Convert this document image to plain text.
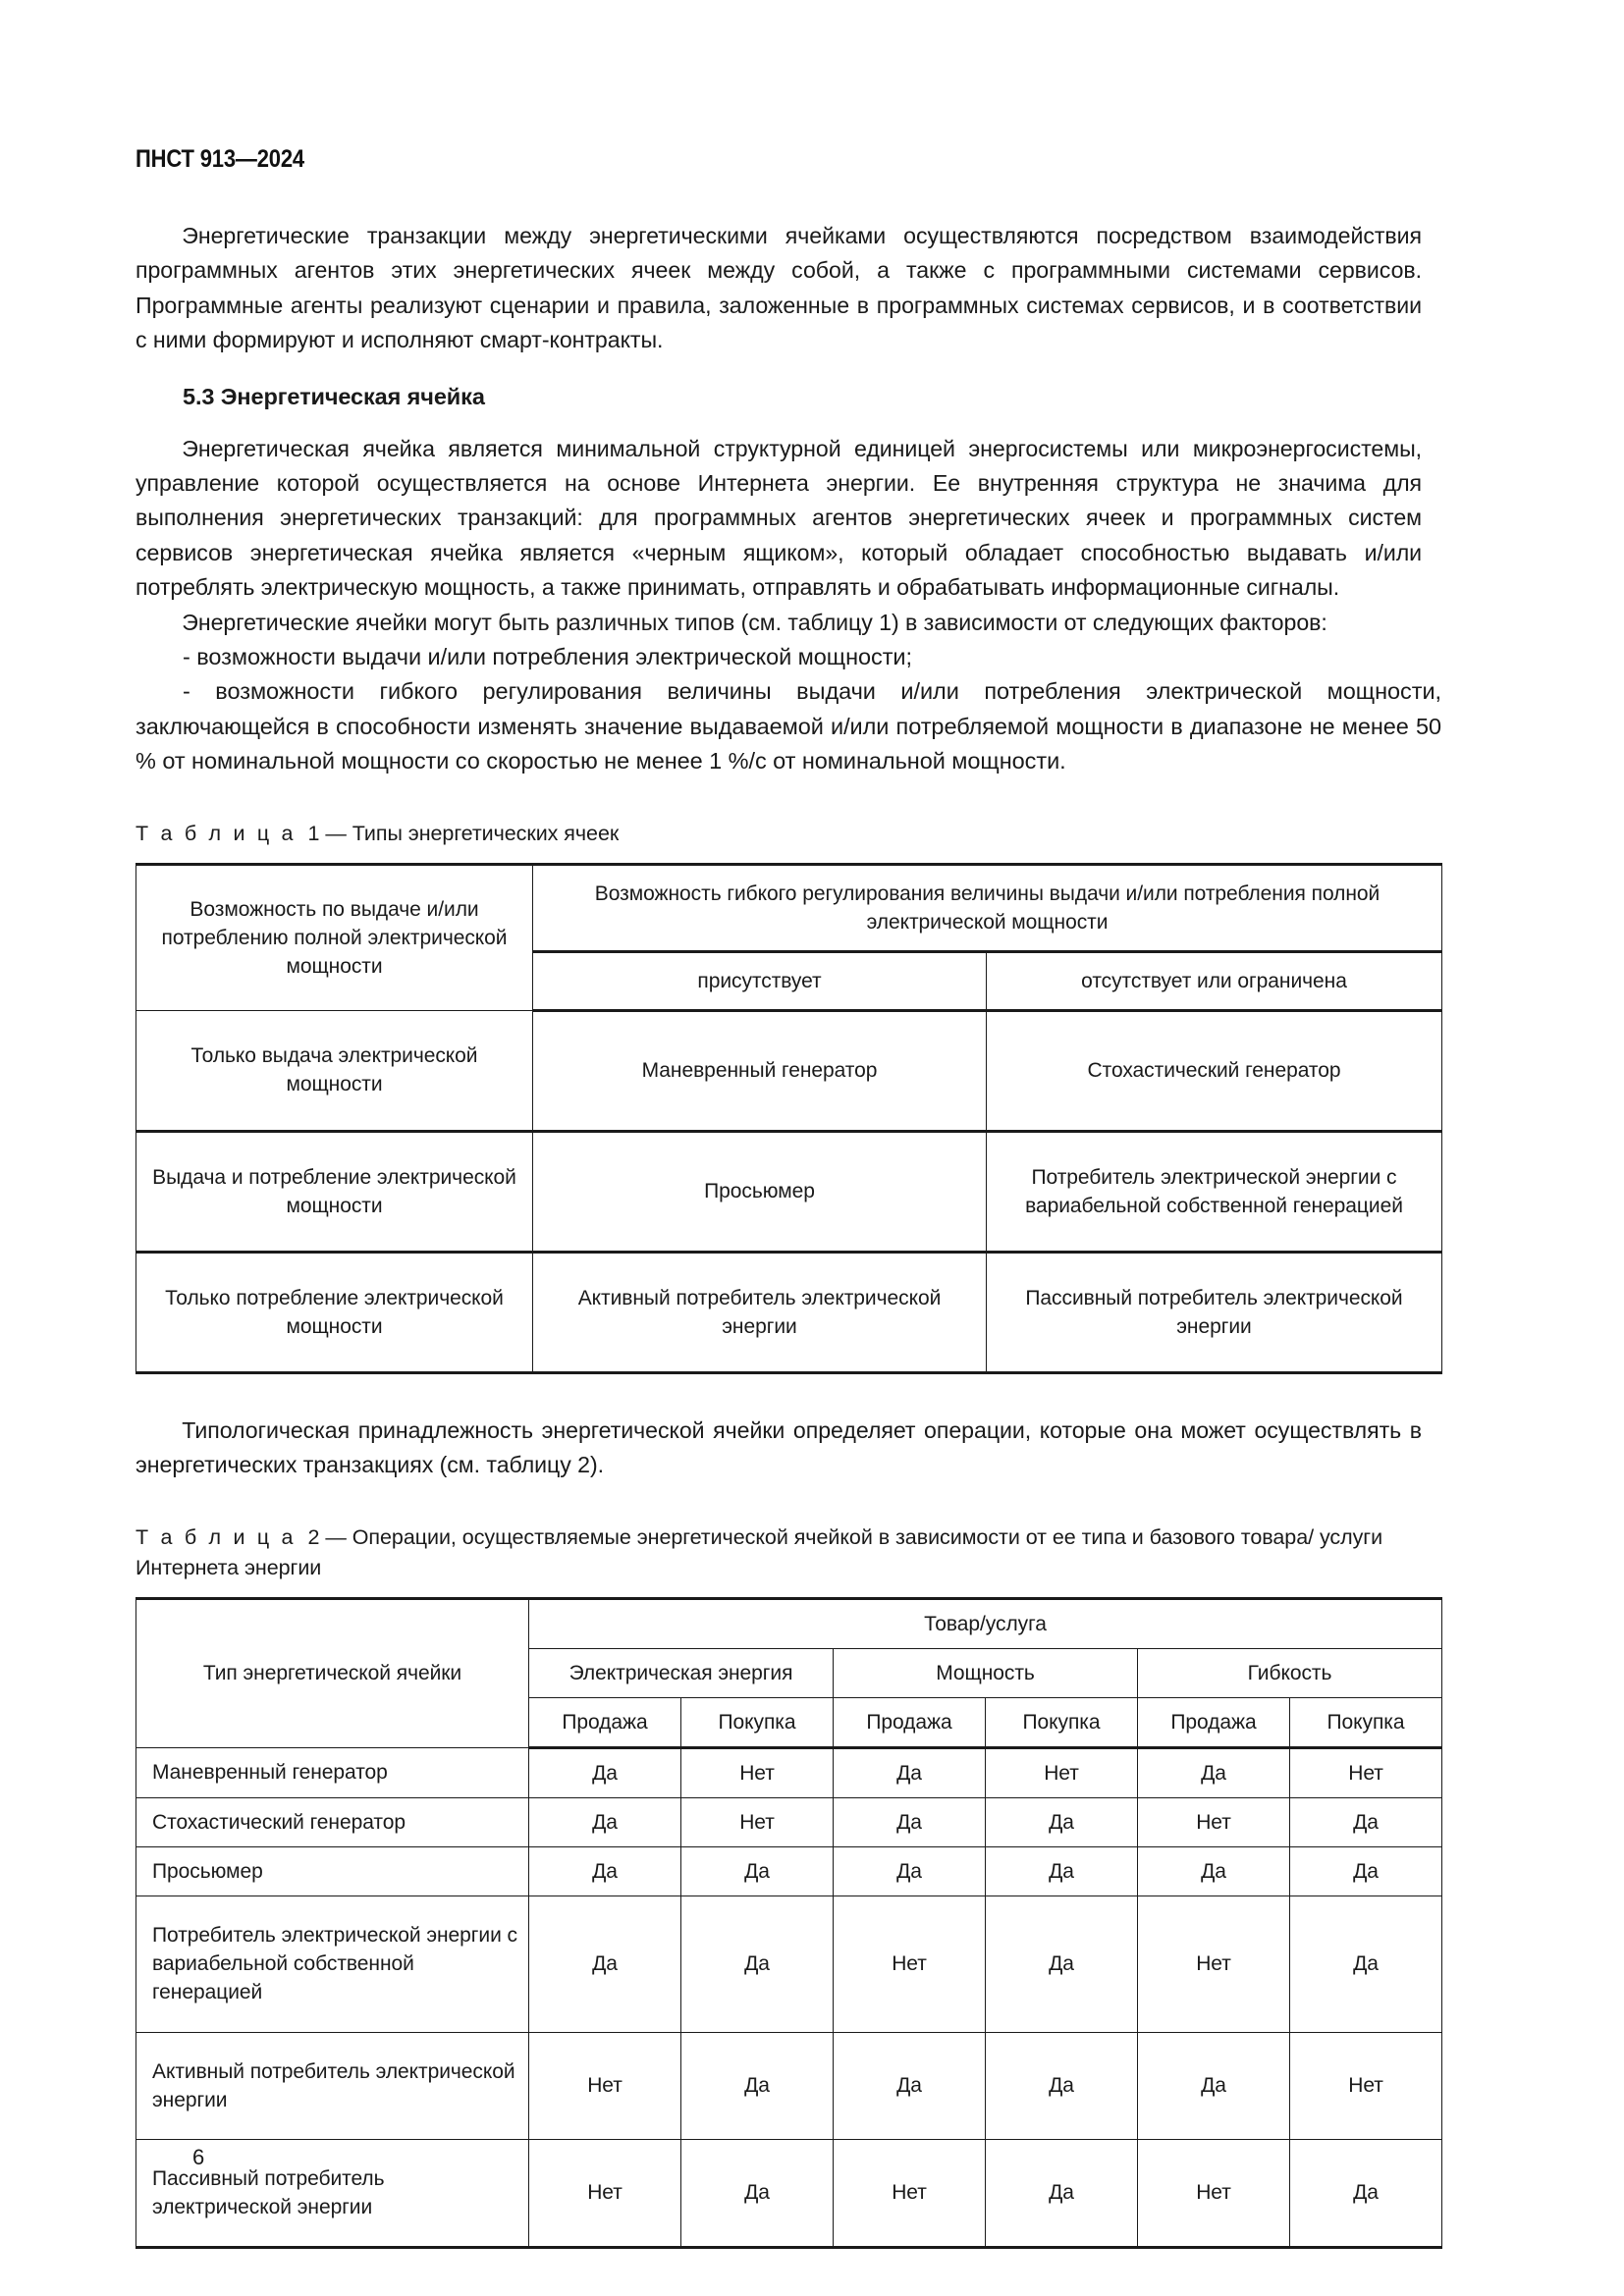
ПНСТ 913—2024

Энергетические транзакции между энергетическими ячейками осуществляются посредством взаимодействия программных агентов этих энергетических ячеек между собой, а также с программными системами сервисов. Программные агенты реализуют сценарии и правила, заложенные в программных системах сервисов, и в соответствии с ними формируют и исполняют смарт-контракты.

5.3 Энергетическая ячейка

Энергетическая ячейка является минимальной структурной единицей энергосистемы или микроэнергосистемы, управление которой осуществляется на основе Интернета энергии. Ее внутренняя структура не значима для выполнения энергетических транзакций: для программных агентов энергетических ячеек и программных систем сервисов энергетическая ячейка является «черным ящиком», который обладает способностью выдавать и/или потреблять электрическую мощность, а также принимать, отправлять и обрабатывать информационные сигналы.

Энергетические ячейки могут быть различных типов (см. таблицу 1) в зависимости от следующих факторов:

- возможности выдачи и/или потребления электрической мощности;

- возможности гибкого регулирования величины выдачи и/или потребления электрической мощности, заключающейся в способности изменять значение выдаваемой и/или потребляемой мощности в диапазоне не менее 50 % от номинальной мощности со скоростью не менее 1 %/с от номинальной мощности.

Т а б л и ц а 1 — Типы энергетических ячеек
Возможность по выдаче и/или потреблению полной электрической мощности	Возможность гибкого регулирования величины выдачи и/или потребления полной электрической мощности	
	присутствует	отсутствует или ограничена
Только выдача электрической мощности	Маневренный генератор	Стохастический генератор
Выдача и потребление электрической мощности	Просьюмер	Потребитель электрической энергии с вариабельной собственной генерацией
Только потребление электрической мощности	Активный потребитель электрической энергии	Пассивный потребитель электрической энергии

Типологическая принадлежность энергетической ячейки определяет операции, которые она может осуществлять в энергетических транзакциях (см. таблицу 2).

Т а б л и ц а 2 — Операции, осуществляемые энергетической ячейкой в зависимости от ее типа и базового товара/ услуги Интернета энергии
Тип энергетической ячейки	Товар/услуга					
	Электрическая энергия		Мощность		Гибкость	
	Продажа	Покупка	Продажа	Покупка	Продажа	Покупка
Маневренный генератор	Да	Нет	Да	Нет	Да	Нет
Стохастический генератор	Да	Нет	Да	Да	Нет	Да
Просьюмер	Да	Да	Да	Да	Да	Да
Потребитель электрической энергии с вариабельной собственной генерацией	Да	Да	Нет	Да	Нет	Да
Активный потребитель электрической энергии	Нет	Да	Да	Да	Да	Нет
Пассивный потребитель электрической энергии	Нет	Да	Нет	Да	Нет	Да
6
